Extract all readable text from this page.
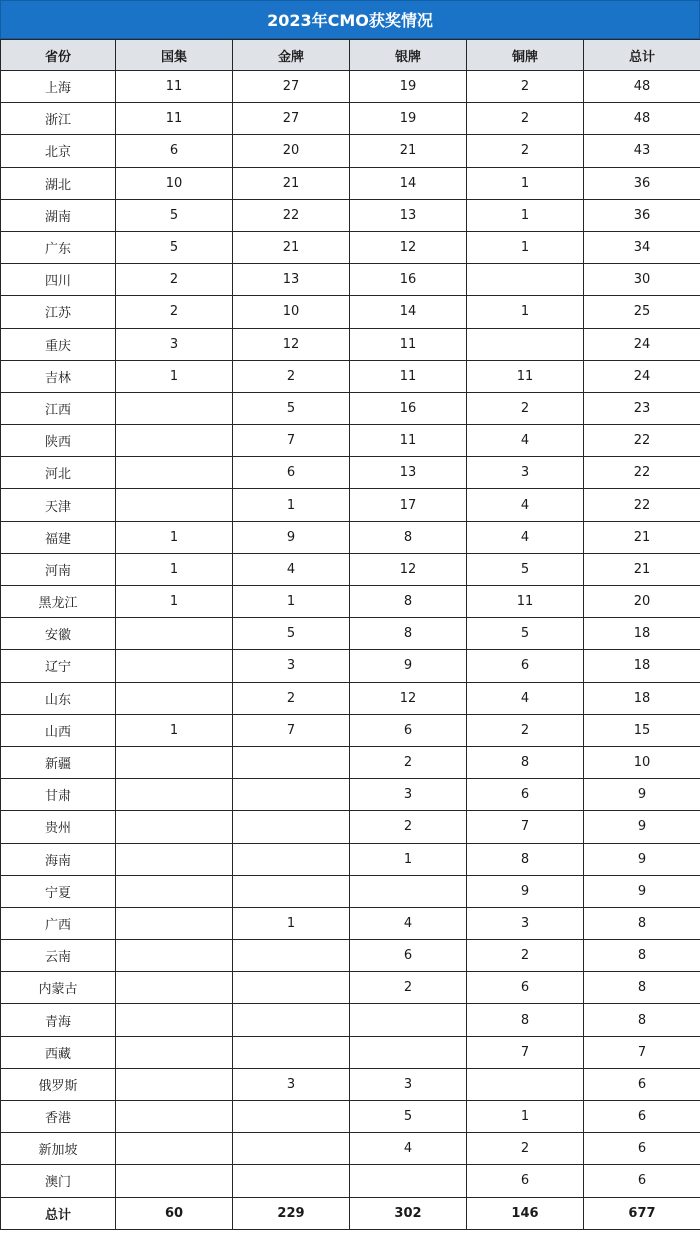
2023年CMO获奖情况
省份	国集	金牌	银牌	铜牌	总计
上海	11	27	19	2	48
浙江	11	27	19	2	48
北京	6	20	21	2	43
湖北	10	21	14	1	36
湖南	5	22	13	1	36
广东	5	21	12	1	34
四川	2	13	16		30
江苏	2	10	14	1	25
重庆	3	12	11		24
吉林	1	2	11	11	24
江西		5	16	2	23
陕西		7	11	4	22
河北		6	13	3	22
天津		1	17	4	22
福建	1	9	8	4	21
河南	1	4	12	5	21
黑龙江	1	1	8	11	20
安徽		5	8	5	18
辽宁		3	9	6	18
山东		2	12	4	18
山西	1	7	6	2	15
新疆			2	8	10
甘肃			3	6	9
贵州			2	7	9
海南			1	8	9
宁夏				9	9
广西		1	4	3	8
云南			6	2	8
内蒙古			2	6	8
青海				8	8
西藏				7	7
俄罗斯		3	3		6
香港			5	1	6
新加坡			4	2	6
澳门				6	6
总计	60	229	302	146	677
